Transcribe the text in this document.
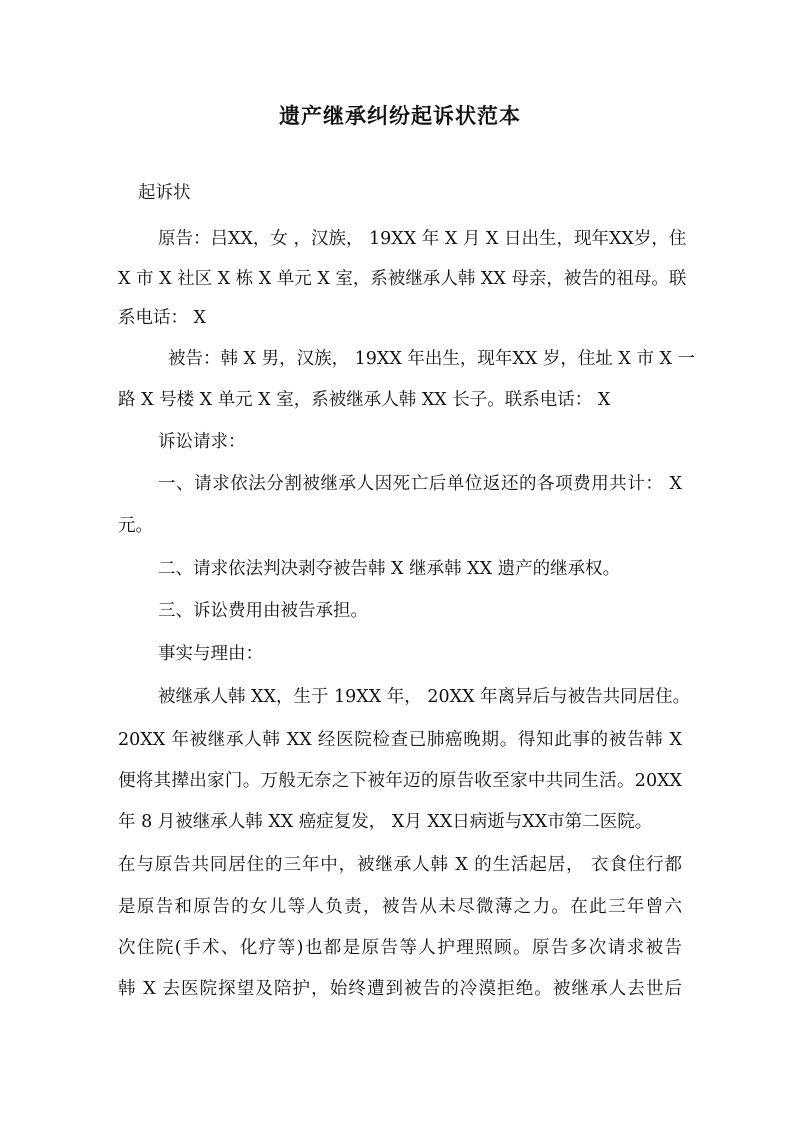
遗产继承纠纷起诉状范本
起诉状
原告：吕XX，女 ，汉族， 19XX 年 X 月 X 日出生，现年XX岁，住
X 市 X 社区 X 栋 X 单元 X 室，系被继承人韩 XX 母亲，被告的祖母。联
系电话： X
被告：韩 X 男，汉族， 19XX 年出生，现年XX 岁，住址 X 市 X 一
路 X 号楼 X 单元 X 室，系被继承人韩 XX 长子。联系电话： X
诉讼请求：
一、请求依法分割被继承人因死亡后单位返还的各项费用共计： X
元。
二、请求依法判决剥夺被告韩 X 继承韩 XX 遗产的继承权。
三、诉讼费用由被告承担。
事实与理由：
被继承人韩 XX，生于 19XX 年， 20XX 年离异后与被告共同居住。
20XX 年被继承人韩 XX 经医院检查已肺癌晚期。得知此事的被告韩 X
便将其撵出家门。万般无奈之下被年迈的原告收至家中共同生活。20XX
年 8 月被继承人韩 XX 癌症复发， X月 XX日病逝与XX市第二医院。
在与原告共同居住的三年中，被继承人韩 X 的生活起居， 衣食住行都
是原告和原告的女儿等人负责，被告从未尽微薄之力。在此三年曾六
次住院(手术、化疗等)也都是原告等人护理照顾。原告多次请求被告
韩 X 去医院探望及陪护，始终遭到被告的冷漠拒绝。被继承人去世后
